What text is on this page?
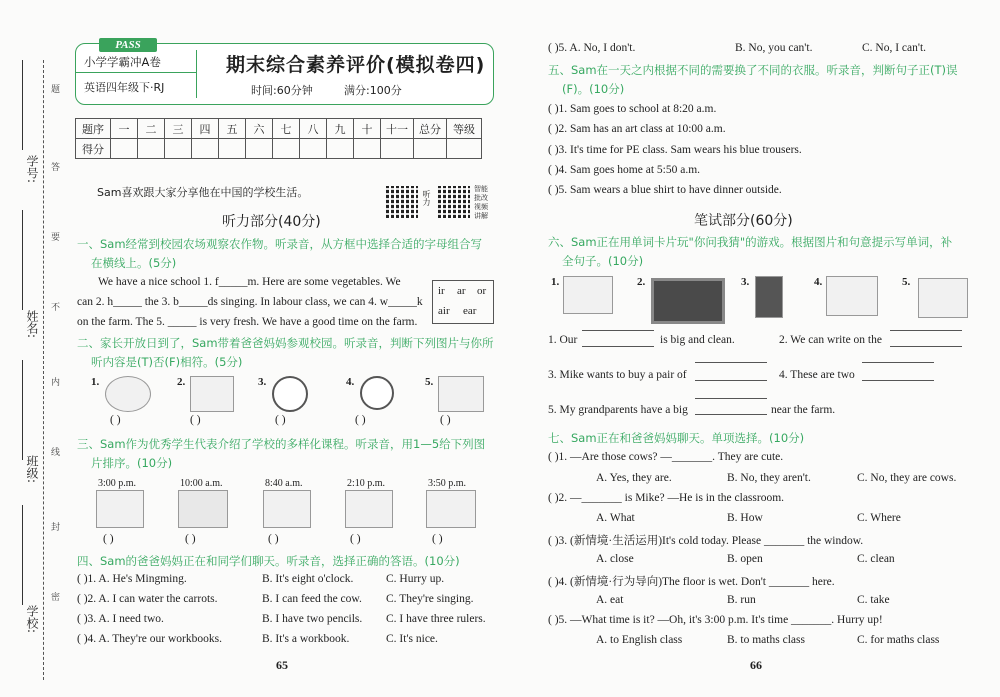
学号:
姓名:
班级:
学校:
题
答
要
不
内
线
封
密
小学学霸冲A卷
英语四年级下·RJ
期末综合素养评价(模拟卷四)
时间:60分钟	满分:100分
PASS
题序	一	二	三	四	五	六	七	八	九	十	十一	总分	等级
得分													
Sam喜欢跟大家分享他在中国的学校生活。	听力
智能批改视频讲解
听力部分(40分)
一、Sam经常到校园农场观察农作物。听录音，从方框中选择合适的字母组合写
在横线上。(5分)
We have a nice school 1. f_____m. Here are some vegetables. We
can 2. h_____ the 3. b_____ds singing. In labour class, we can 4. w_____k
on the farm. The 5. _____ is very fresh. We have a good time on the farm.
ir ar or
air ear
二、家长开放日到了，Sam带着爸爸妈妈参观校园。听录音，判断下列图片与你所
听内容是(T)否(F)相符。(5分)
1.	2.	3.	4.	5.
( )	( )	( )	( )	( )
三、Sam作为优秀学生代表介绍了学校的多样化课程。听录音，用1—5给下列图
片排序。(10分)
3:00 p.m.	10:00 a.m.	8:40 a.m.	2:10 p.m.	3:50 p.m.
( )	( )	( )	( )	( )
四、Sam的爸爸妈妈正在和同学们聊天。听录音，选择正确的答语。(10分)
( )1. A. He's Mingming.	B. It's eight o'clock.	C. Hurry up.
( )2. A. I can water the carrots.	B. I can feed the cow. C. They're singing.
( )3. A. I need two.	B. I have two pencils. C. I have three rulers.
( )4. A. They're our workbooks.	B. It's a workbook.	C. It's nice.
65
( )5. A. No, I don't.	B. No, you can't.	C. No, I can't.
五、Sam在一天之内根据不同的需要换了不同的衣服。听录音，判断句子正(T)误
(F)。(10分)
( )1. Sam goes to school at 8:20 a.m.
( )2. Sam has an art class at 10:00 a.m.
( )3. It's time for PE class. Sam wears his blue trousers.
( )4. Sam goes home at 5:50 a.m.
( )5. Sam wears a blue shirt to have dinner outside.
笔试部分(60分)
六、Sam正在用单词卡片玩"你问我猜"的游戏。根据图片和句意提示写单词，补
全句子。(10分)
1.	2.	3.	4.	5.
1. Our	is big and clean.	2. We can write on the
3. Mike wants to buy a pair of	4. These are two
5. My grandparents have a big	near the farm.
七、Sam正在和爸爸妈妈聊天。单项选择。(10分)
( )1. —Are those cows? —_______. They are cute.
A. Yes, they are.	B. No, they aren't.	C. No, they are cows.
( )2. —_______ is Mike? —He is in the classroom.
A. What	B. How	C. Where
( )3. (新情境·生活运用)It's cold today. Please _______ the window.
A. close	B. open	C. clean
( )4. (新情境·行为导向)The floor is wet. Don't _______ here.
A. eat	B. run	C. take
( )5. —What time is it? —Oh, it's 3:00 p.m. It's time _______. Hurry up!
A. to English class	B. to maths class	C. for maths class
66
